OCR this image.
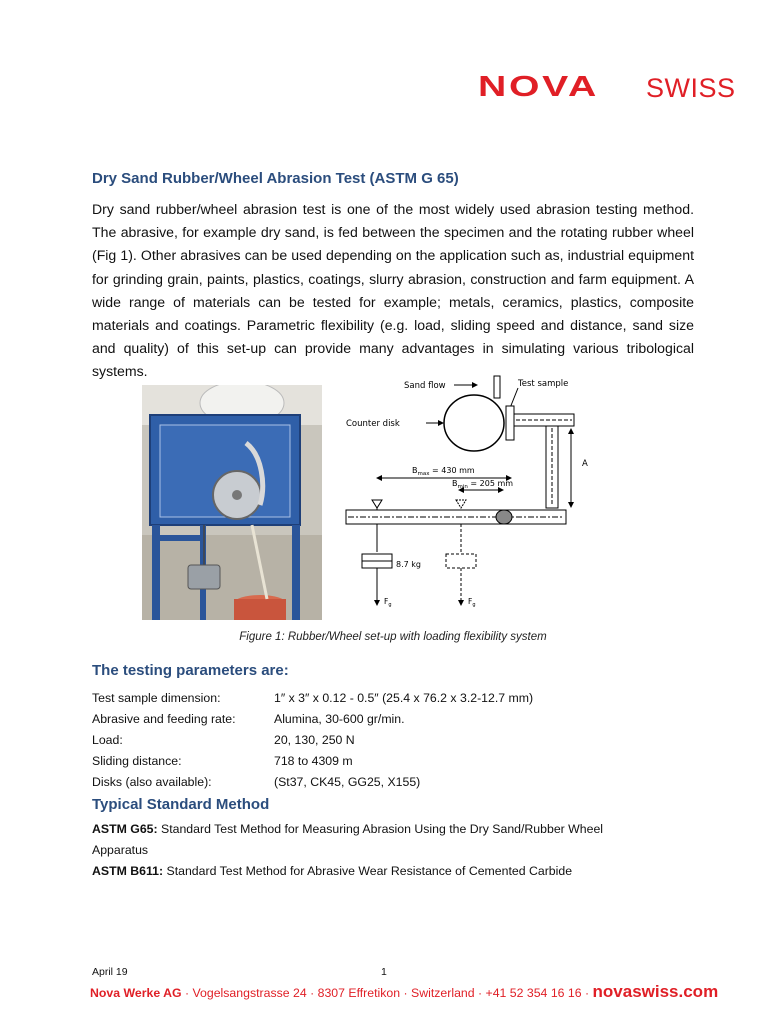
NOVA SWISS
Dry Sand Rubber/Wheel Abrasion Test (ASTM G 65)
Dry sand rubber/wheel abrasion test is one of the most widely used abrasion testing method. The abrasive, for example dry sand, is fed between the specimen and the rotating rubber wheel (Fig 1). Other abrasives can be used depending on the application such as, industrial equipment for grinding grain, paints, plastics, coatings, slurry abrasion, construction and farm equipment. A wide range of materials can be tested for example; metals, ceramics, plastics, composite materials and coatings. Parametric flexibility (e.g. load, sliding speed and distance, sand size and quality) of this set-up can provide many advantages in simulating various tribological systems.
Sand flow	Test sample
Counter disk
A
$B_{max} = 430$ mm
$B_{min} = 205$ mm
8.7 kg
$F_g$	$F_g$
Figure 1: Rubber/Wheel set-up with loading flexibility system
The testing parameters are:
Test sample dimension:	1″ x 3″ x 0.12 - 0.5″ (25.4 x 76.2 x 3.2-12.7 mm)
Abrasive and feeding rate:	Alumina, 30-600 gr/min.
Load:	20, 130, 250 N
Sliding distance:	718 to 4309 m
Disks (also available):	(St37, CK45, GG25, X155)
Typical Standard Method
ASTM G65: Standard Test Method for Measuring Abrasion Using the Dry Sand/Rubber Wheel Apparatus
ASTM B611: Standard Test Method for Abrasive Wear Resistance of Cemented Carbide
April 19	1
Nova Werke AG · Vogelsangstrasse 24 · 8307 Effretikon · Switzerland · +41 52 354 16 16 · novaswiss.com
